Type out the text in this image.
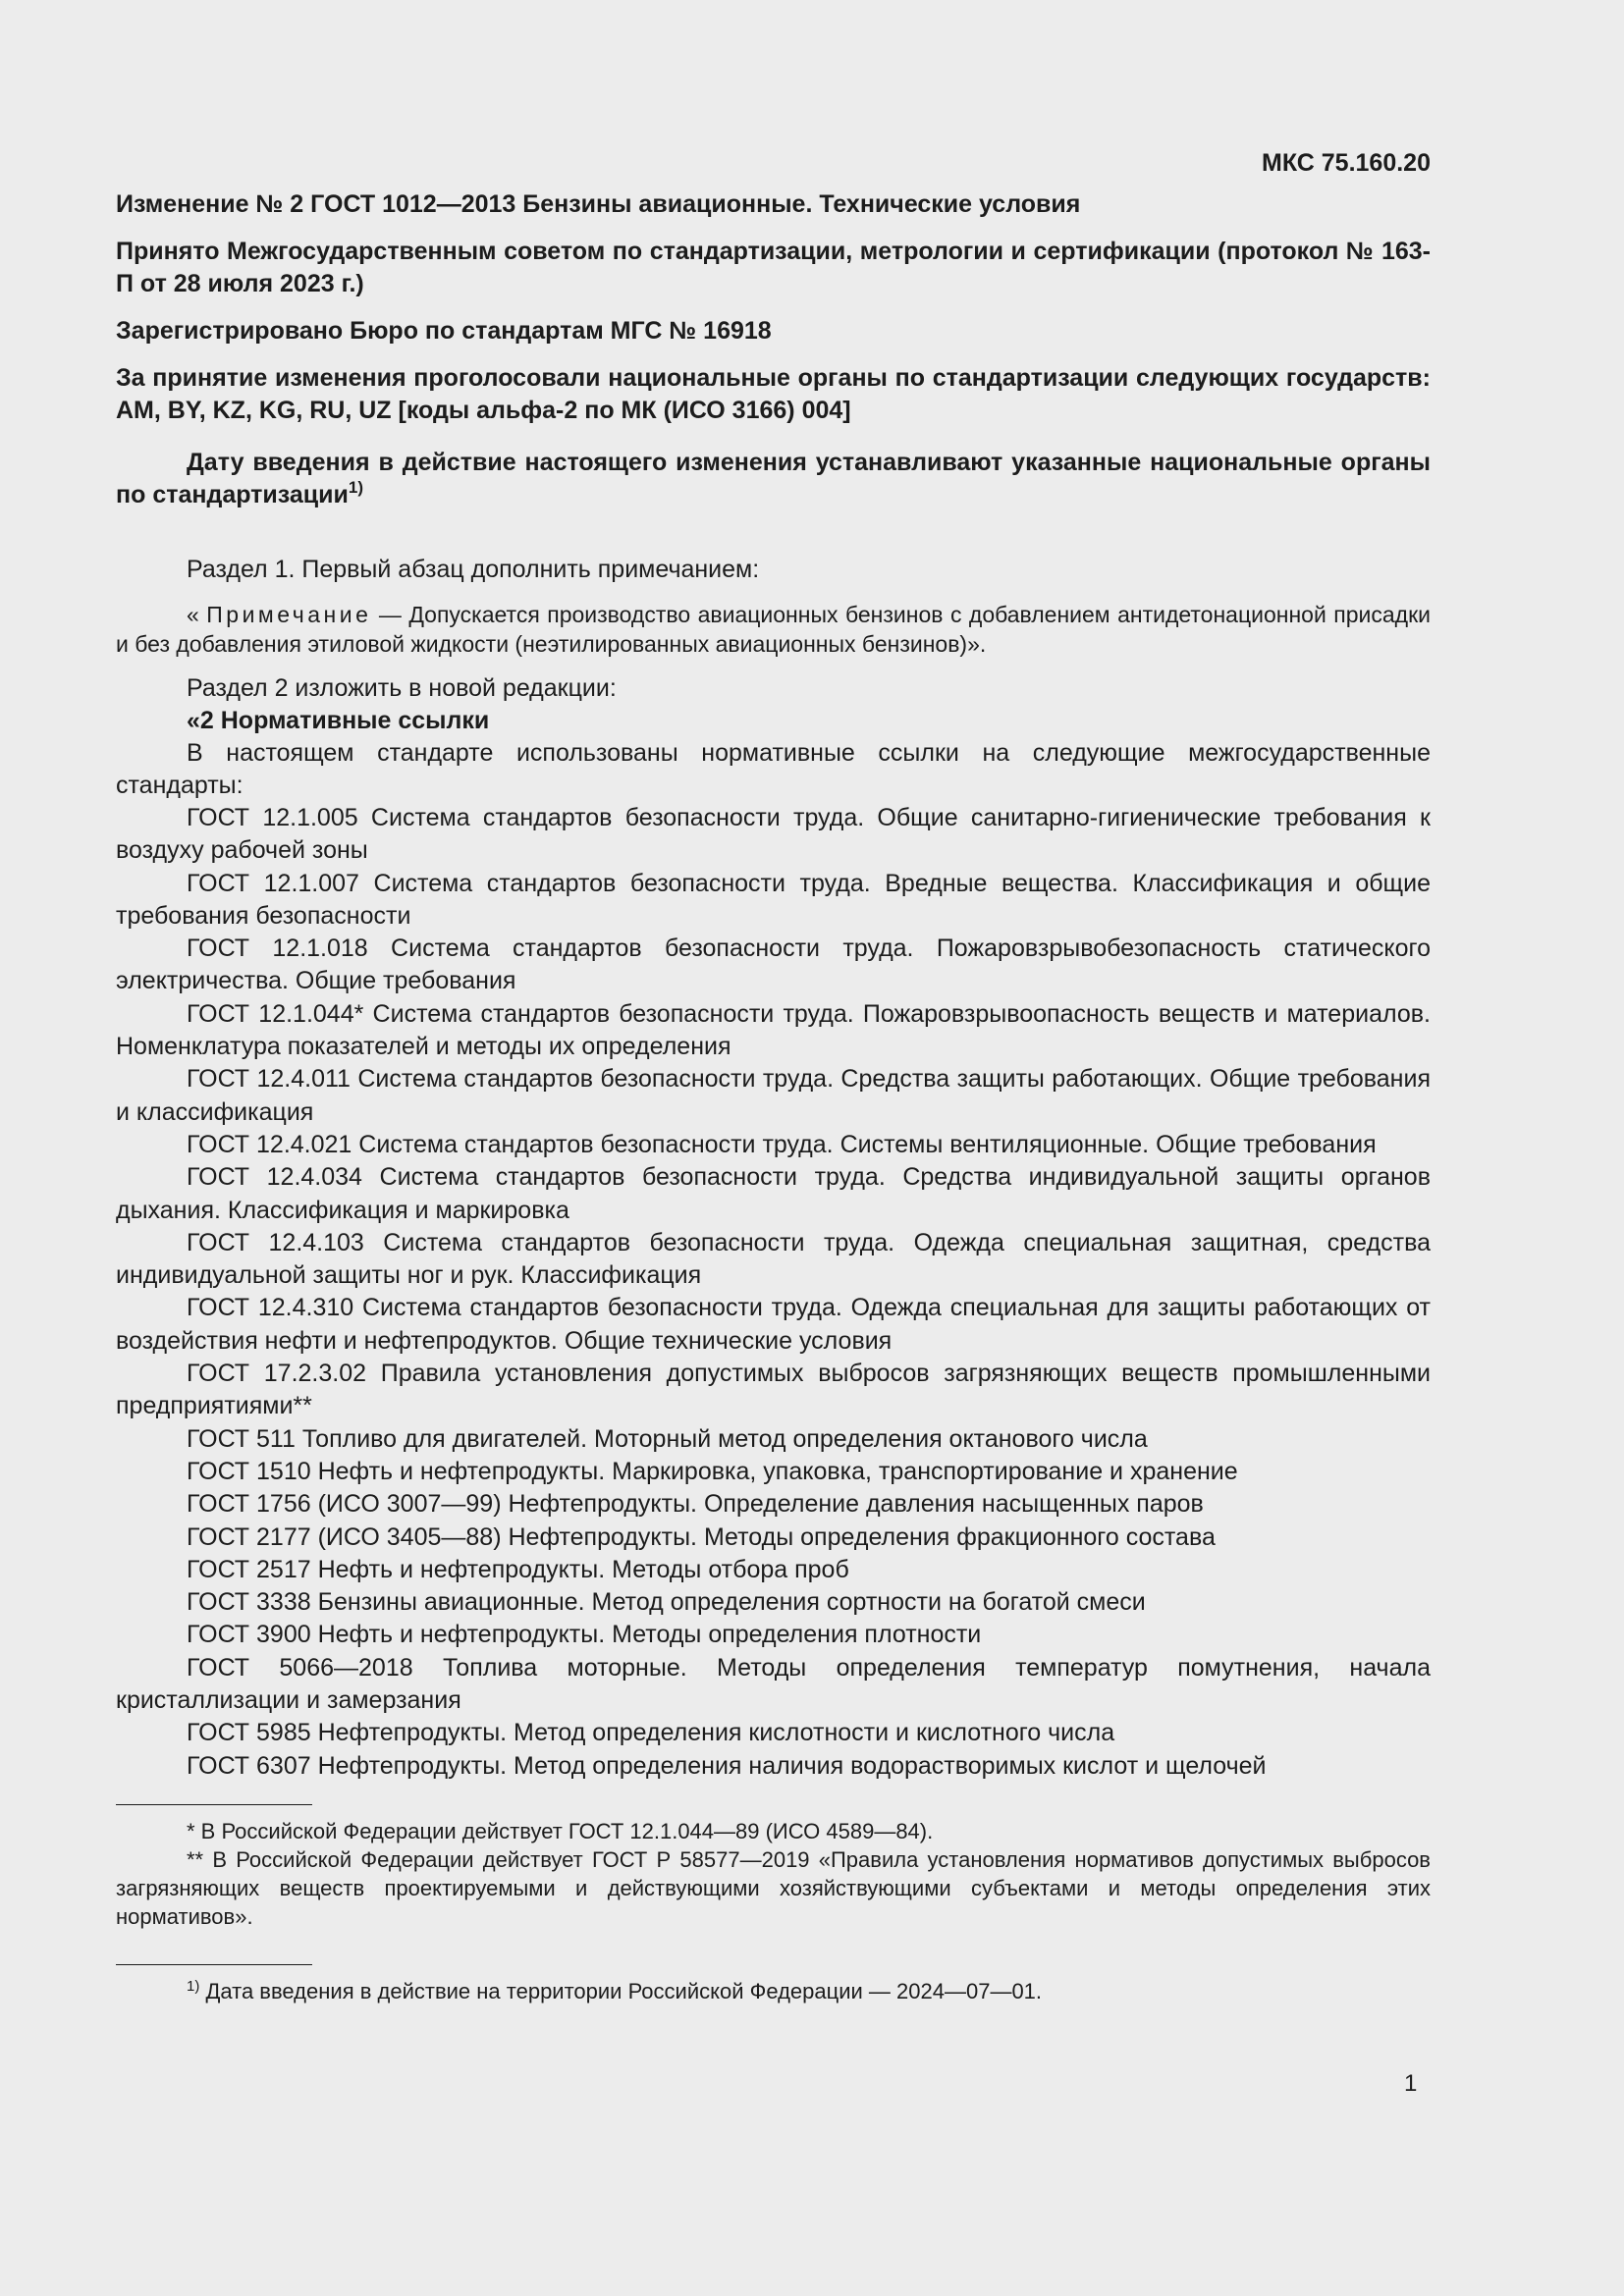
МКС 75.160.20
Изменение № 2 ГОСТ 1012—2013 Бензины авиационные. Технические условия
Принято Межгосударственным советом по стандартизации, метрологии и сертификации (протокол № 163-П от 28 июля 2023 г.)
Зарегистрировано Бюро по стандартам МГС № 16918
За принятие изменения проголосовали национальные органы по стандартизации следующих государств: AM, BY, KZ, KG, RU, UZ [коды альфа-2 по МК (ИСО 3166) 004]
Дату введения в действие настоящего изменения устанавливают указанные национальные органы по стандартизации$^{1)}$

Раздел 1. Первый абзац дополнить примечанием:

« Примечание — Допускается производство авиационных бензинов с добавлением антидетонационной присадки и без добавления этиловой жидкости (неэтилированных авиационных бензинов)».

Раздел 2 изложить в новой редакции:

«2 Нормативные ссылки

В настоящем стандарте использованы нормативные ссылки на следующие межгосударственные стандарты:

ГОСТ 12.1.005 Система стандартов безопасности труда. Общие санитарно-гигиенические требования к воздуху рабочей зоны

ГОСТ 12.1.007 Система стандартов безопасности труда. Вредные вещества. Классификация и общие требования безопасности

ГОСТ 12.1.018 Система стандартов безопасности труда. Пожаровзрывобезопасность статического электричества. Общие требования

ГОСТ 12.1.044* Система стандартов безопасности труда. Пожаровзрывоопасность веществ и материалов. Номенклатура показателей и методы их определения

ГОСТ 12.4.011 Система стандартов безопасности труда. Средства защиты работающих. Общие требования и классификация

ГОСТ 12.4.021 Система стандартов безопасности труда. Системы вентиляционные. Общие требования

ГОСТ 12.4.034 Система стандартов безопасности труда. Средства индивидуальной защиты органов дыхания. Классификация и маркировка

ГОСТ 12.4.103 Система стандартов безопасности труда. Одежда специальная защитная, средства индивидуальной защиты ног и рук. Классификация

ГОСТ 12.4.310 Система стандартов безопасности труда. Одежда специальная для защиты работающих от воздействия нефти и нефтепродуктов. Общие технические условия

ГОСТ 17.2.3.02 Правила установления допустимых выбросов загрязняющих веществ промышленными предприятиями**

ГОСТ 511 Топливо для двигателей. Моторный метод определения октанового числа

ГОСТ 1510 Нефть и нефтепродукты. Маркировка, упаковка, транспортирование и хранение

ГОСТ 1756 (ИСО 3007—99) Нефтепродукты. Определение давления насыщенных паров

ГОСТ 2177 (ИСО 3405—88) Нефтепродукты. Методы определения фракционного состава

ГОСТ 2517 Нефть и нефтепродукты. Методы отбора проб

ГОСТ 3338 Бензины авиационные. Метод определения сортности на богатой смеси

ГОСТ 3900 Нефть и нефтепродукты. Методы определения плотности

ГОСТ 5066—2018 Топлива моторные. Методы определения температур помутнения, начала кристаллизации и замерзания

ГОСТ 5985 Нефтепродукты. Метод определения кислотности и кислотного числа

ГОСТ 6307 Нефтепродукты. Метод определения наличия водорастворимых кислот и щелочей

* В Российской Федерации действует ГОСТ 12.1.044—89 (ИСО 4589—84).

** В Российской Федерации действует ГОСТ Р 58577—2019 «Правила установления нормативов допустимых выбросов загрязняющих веществ проектируемыми и действующими хозяйствующими субъектами и методы определения этих нормативов».

$^{1)}$ Дата введения в действие на территории Российской Федерации — 2024—07—01.

1
